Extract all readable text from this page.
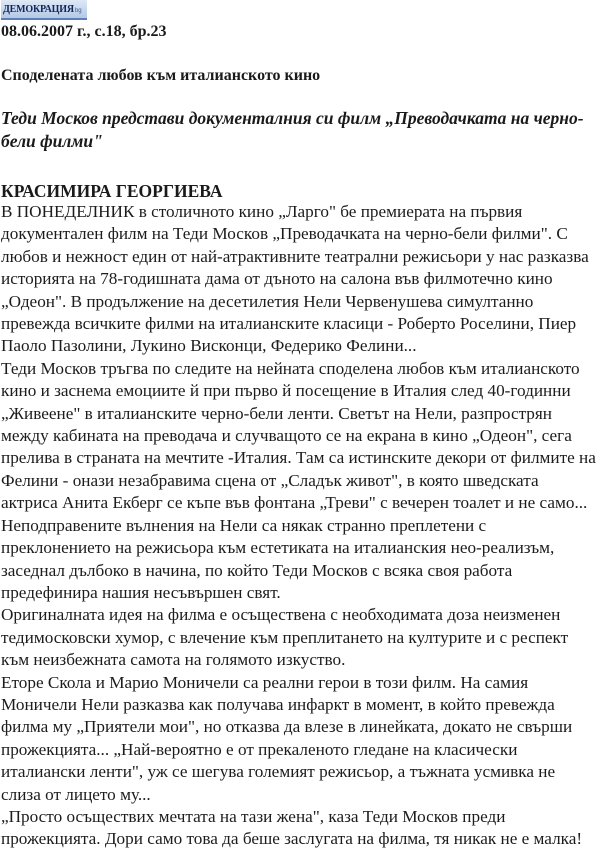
ДЕМОКРАЦИЯ bg
08.06.2007 г., с.18, бр.23
Споделената любов към италианското кино
Теди Москов представи документалния си филм „Преводачката на черно-бели филми"
КРАСИМИРА ГЕОРГИЕВА

В ПОНЕДЕЛНИК в столичното кино „Ларго" бе премиерата на първия документален филм на Теди Москов „Преводачката на черно-бели филми". С любов и нежност един от най-атрактивните театрални режисьори у нас разказва историята на 78-годишната дама от дъното на салона във филмотечно кино „Одеон". В продължение на десетилетия Нели Червенушева симултанно превежда всичките филми на италианските класици - Роберто Роселини, Пиер Паоло Пазолини, Лукино Висконци, Федерико Фелини...

Теди Москов тръгва по следите на нейната споделена любов към италианското кино и заснема емоциите й при първо й посещение в Италия след 40-годинни „Живеене" в италианските черно-бели ленти. Светът на Нели, разпрострян между кабината на преводача и случващото се на екрана в кино „Одеон", сега прелива в страната на мечтите -Италия. Там са истинските декори от филмите на Фелини - онази незабравима сцена от „Сладък живот", в която шведската актриса Анита Екберг се къпе във фонтана „Треви" с вечерен тоалет и не само...

Неподправените вълнения на Нели са някак странно преплетени с преклонението на режисьора към естетиката на италианския нео-реализъм, заседнал дълбоко в начина, по който Теди Москов с всяка своя работа предефинира нашия несъвършен свят.

Оригиналната идея на филма е осъществена с необходимата доза неизменен тедимосковски хумор, с влечение към преплитането на културите и с респект към неизбежната самота на голямото изкуство.

Еторе Скола и Марио Моничели са реални герои в този филм. На самия Моничели Нели разказва как получава инфаркт в момент, в който превежда филма му „Приятели мои", но отказва да влезе в линейката, докато не свърши прожекцията... „Най-вероятно е от прекаленото гледане на класически италиански ленти", уж се шегува големият режисьор, а тъжната усмивка не слиза от лицето му...

„Просто осъществих мечтата на тази жена", каза Теди Москов преди прожекцията. Дори само това да беше заслугата на филма, тя никак не е малка!
